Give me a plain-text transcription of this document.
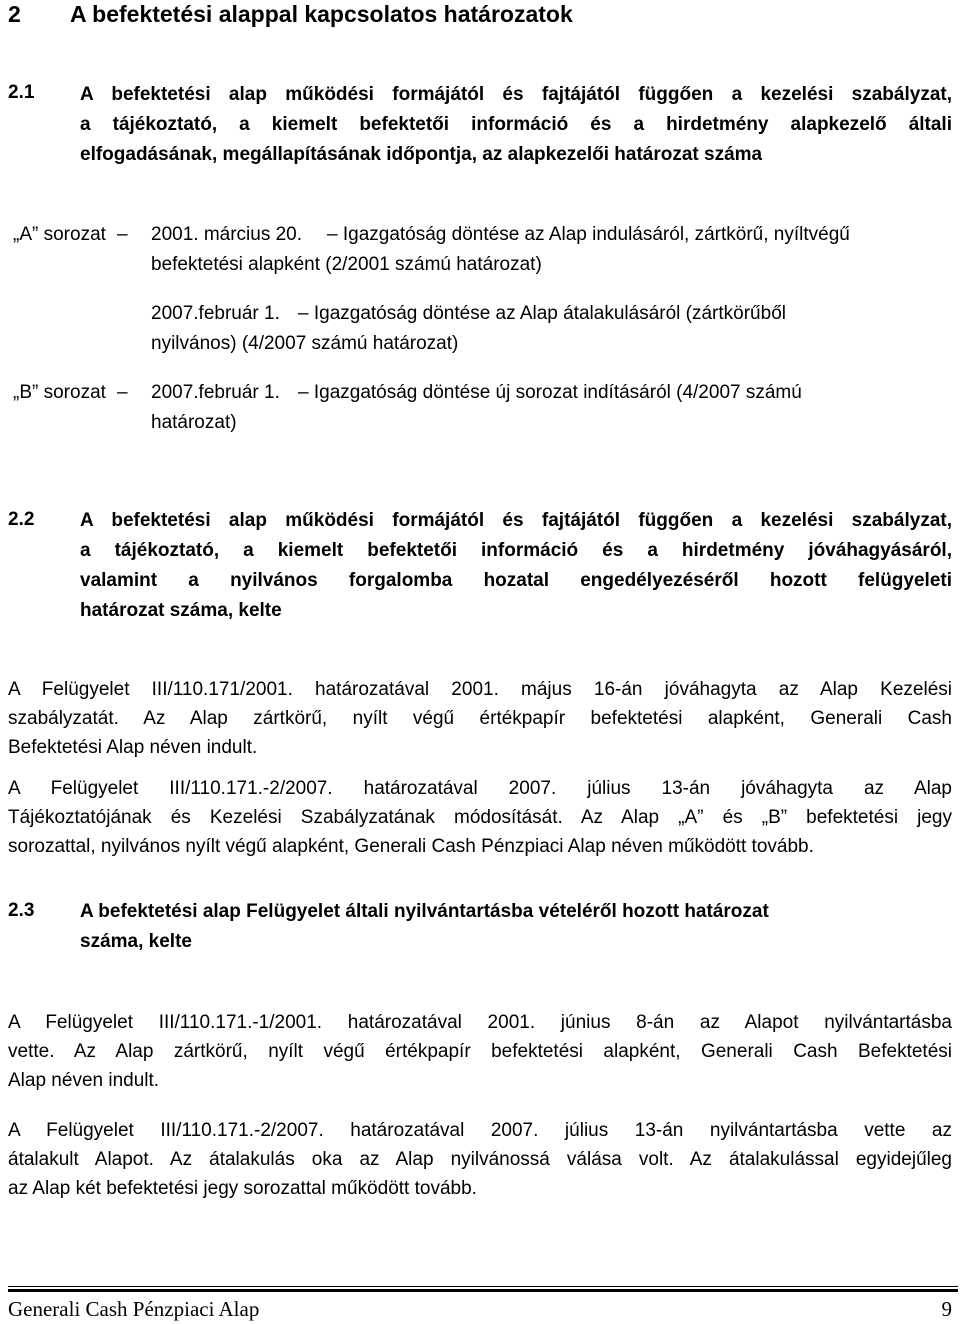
2 A befektetési alappal kapcsolatos határozatok
2.1 A befektetési alap működési formájától és fajtájától függően a kezelési szabályzat,
a tájékoztató, a kiemelt befektetői információ és a hirdetmény alapkezelő általi
elfogadásának, megállapításának időpontja, az alapkezelői határozat száma
„A” sorozat – 2001. március 20. – Igazgatóság döntése az Alap indulásáról, zártkörű, nyíltvégű
befektetési alapként (2/2001 számú határozat)
2007.február 1. – Igazgatóság döntése az Alap átalakulásáról (zártkörűből
nyilvános) (4/2007 számú határozat)
„B” sorozat – 2007.február 1. – Igazgatóság döntése új sorozat indításáról (4/2007 számú
határozat)
2.2 A befektetési alap működési formájától és fajtájától függően a kezelési szabályzat,
a tájékoztató, a kiemelt befektetői információ és a hirdetmény jóváhagyásáról,
valamint a nyilvános forgalomba hozatal engedélyezéséről hozott felügyeleti
határozat száma, kelte
A Felügyelet III/110.171/2001. határozatával 2001. május 16-án jóváhagyta az Alap Kezelési
szabályzatát. Az Alap zártkörű, nyílt végű értékpapír befektetési alapként, Generali Cash
Befektetési Alap néven indult.
A Felügyelet III/110.171.-2/2007. határozatával 2007. július 13-án jóváhagyta az Alap
Tájékoztatójának és Kezelési Szabályzatának módosítását. Az Alap „A” és „B” befektetési jegy
sorozattal, nyilvános nyílt végű alapként, Generali Cash Pénzpiaci Alap néven működött tovább.
2.3 A befektetési alap Felügyelet általi nyilvántartásba vételéről hozott határozat
száma, kelte
A Felügyelet III/110.171.-1/2001. határozatával 2001. június 8-án az Alapot nyilvántartásba
vette. Az Alap zártkörű, nyílt végű értékpapír befektetési alapként, Generali Cash Befektetési
Alap néven indult.
A Felügyelet III/110.171.-2/2007. határozatával 2007. július 13-án nyilvántartásba vette az
átalakult Alapot. Az átalakulás oka az Alap nyilvánossá válása volt. Az átalakulással egyidejűleg
az Alap két befektetési jegy sorozattal működött tovább.
Generali Cash Pénzpiaci Alap	9
